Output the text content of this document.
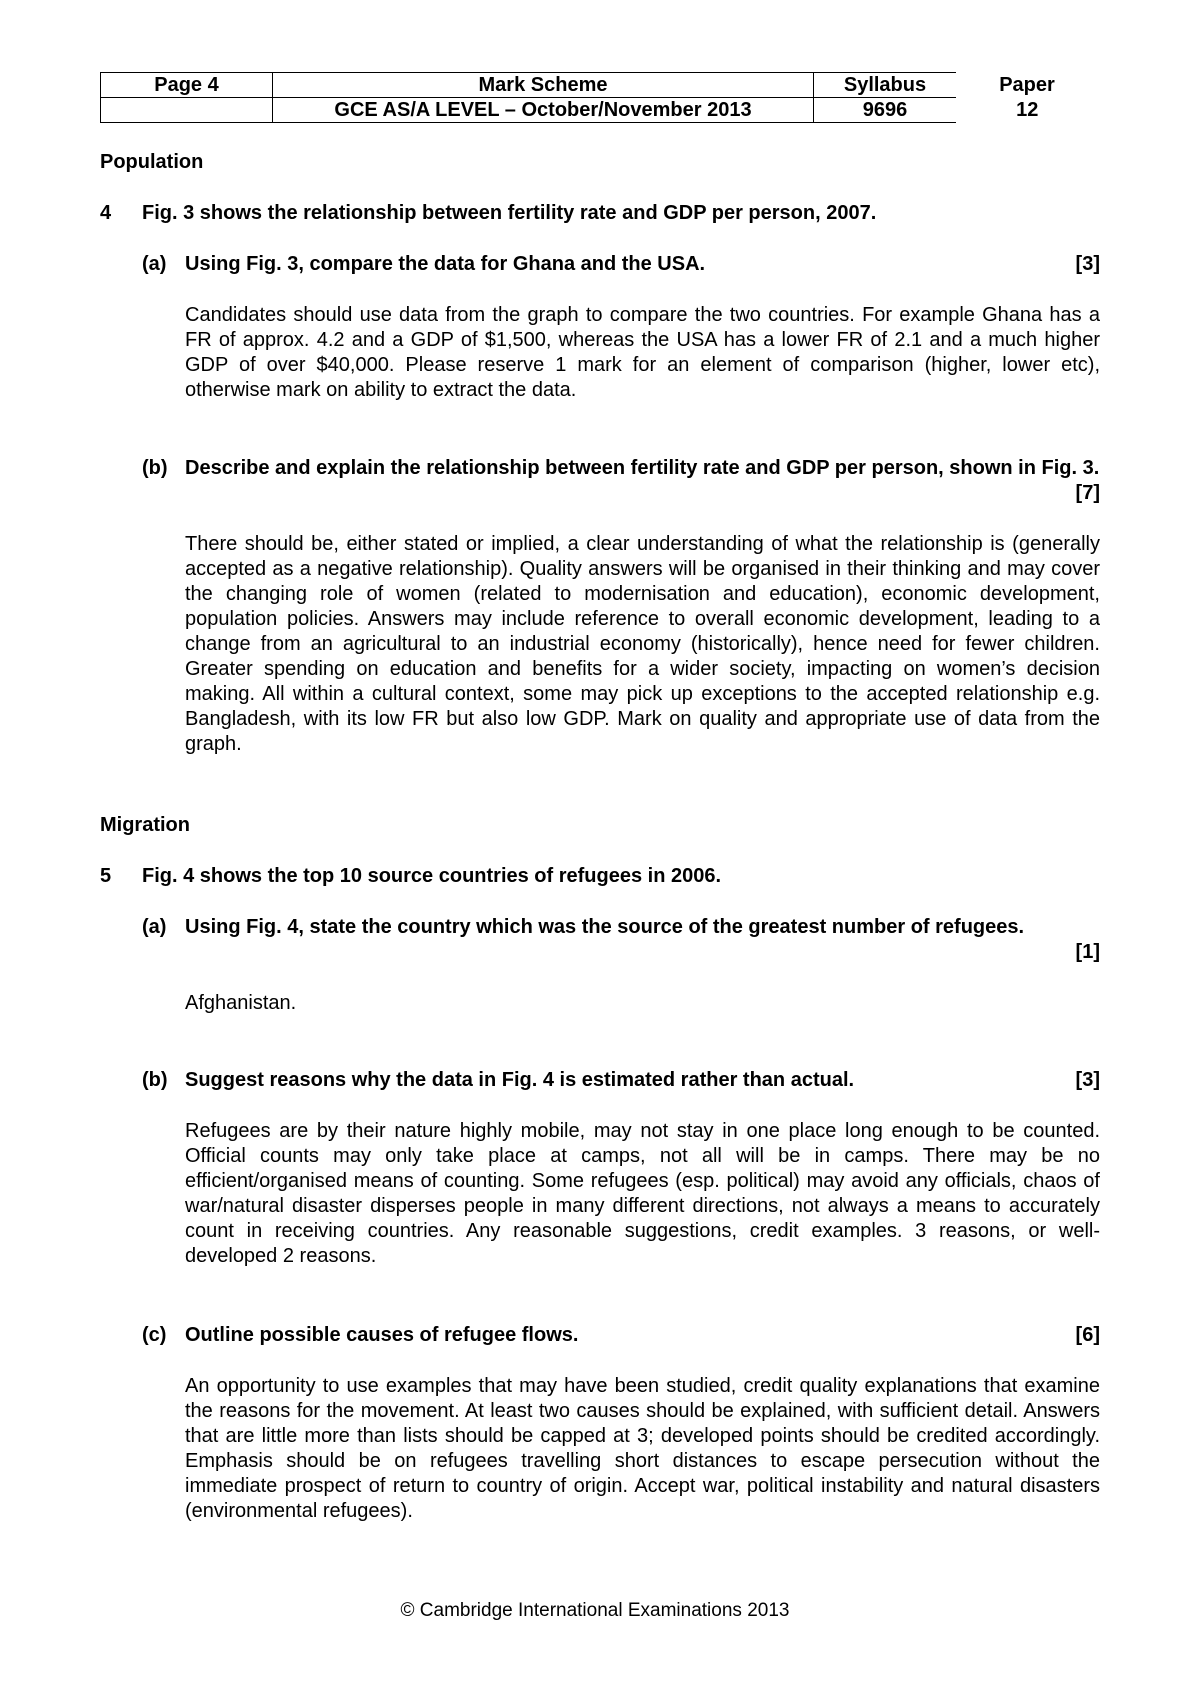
Page 4	Mark Scheme	Syllabus	Paper
	GCE AS/A LEVEL – October/November 2013	9696	12
Population
4 Fig. 3 shows the relationship between fertility rate and GDP per person, 2007.
(a) Using Fig. 3, compare the data for Ghana and the USA.	[3]
Candidates should use data from the graph to compare the two countries. For example Ghana has a FR of approx. 4.2 and a GDP of $1,500, whereas the USA has a lower FR of 2.1 and a much higher GDP of over $40,000. Please reserve 1 mark for an element of comparison (higher, lower etc), otherwise mark on ability to extract the data.
(b) Describe and explain the relationship between fertility rate and GDP per person, shown in Fig. 3.
[7]
There should be, either stated or implied, a clear understanding of what the relationship is (generally accepted as a negative relationship). Quality answers will be organised in their thinking and may cover the changing role of women (related to modernisation and education), economic development, population policies. Answers may include reference to overall economic development, leading to a change from an agricultural to an industrial economy (historically), hence need for fewer children. Greater spending on education and benefits for a wider society, impacting on women’s decision making. All within a cultural context, some may pick up exceptions to the accepted relationship e.g. Bangladesh, with its low FR but also low GDP. Mark on quality and appropriate use of data from the graph.
Migration
5 Fig. 4 shows the top 10 source countries of refugees in 2006.
(a) Using Fig. 4, state the country which was the source of the greatest number of refugees.
[1]
Afghanistan.
(b) Suggest reasons why the data in Fig. 4 is estimated rather than actual.	[3]
Refugees are by their nature highly mobile, may not stay in one place long enough to be counted. Official counts may only take place at camps, not all will be in camps. There may be no efficient/organised means of counting. Some refugees (esp. political) may avoid any officials, chaos of war/natural disaster disperses people in many different directions, not always a means to accurately count in receiving countries. Any reasonable suggestions, credit examples. 3 reasons, or well-developed 2 reasons.
(c) Outline possible causes of refugee flows.	[6]
An opportunity to use examples that may have been studied, credit quality explanations that examine the reasons for the movement. At least two causes should be explained, with sufficient detail. Answers that are little more than lists should be capped at 3; developed points should be credited accordingly. Emphasis should be on refugees travelling short distances to escape persecution without the immediate prospect of return to country of origin. Accept war, political instability and natural disasters (environmental refugees).
© Cambridge International Examinations 2013
